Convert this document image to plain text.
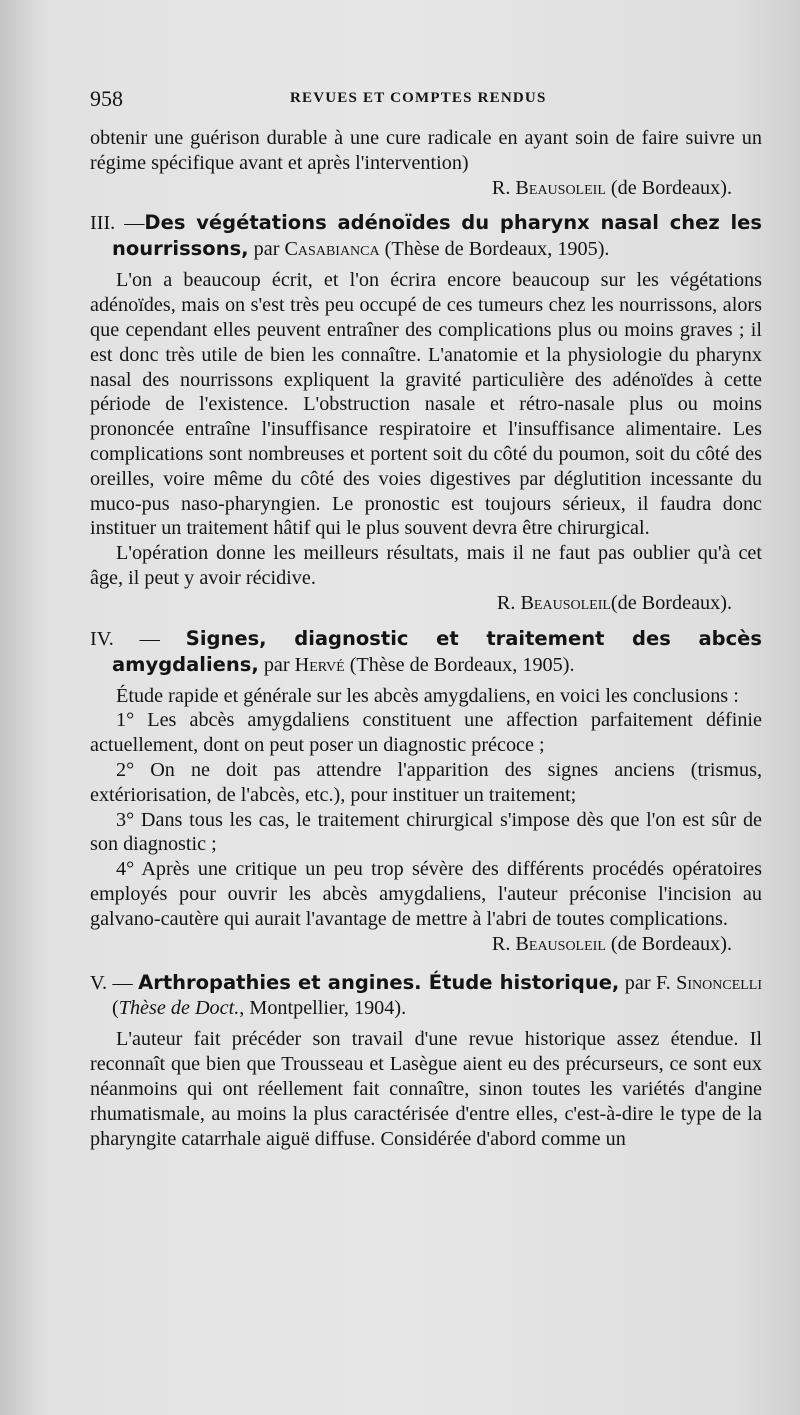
958	REVUES ET COMPTES RENDUS

obtenir une guérison durable à une cure radicale en ayant soin de faire suivre un régime spécifique avant et après l'intervention)

R. Beausoleil (de Bordeaux).

III. —Des végétations adénoïdes du pharynx nasal chez les nourrissons, par Casabianca (Thèse de Bordeaux, 1905).

L'on a beaucoup écrit, et l'on écrira encore beaucoup sur les végétations adénoïdes, mais on s'est très peu occupé de ces tumeurs chez les nourrissons, alors que cependant elles peuvent entraîner des complications plus ou moins graves ; il est donc très utile de bien les connaître. L'anatomie et la physiologie du pharynx nasal des nourrissons expliquent la gravité particulière des adénoïdes à cette période de l'existence. L'obstruction nasale et rétro-nasale plus ou moins prononcée entraîne l'insuffisance respiratoire et l'insuffisance alimentaire. Les complications sont nombreuses et portent soit du côté du poumon, soit du côté des oreilles, voire même du côté des voies digestives par déglutition incessante du muco-pus naso-pharyngien. Le pronostic est toujours sérieux, il faudra donc instituer un traitement hâtif qui le plus souvent devra être chirurgical.

L'opération donne les meilleurs résultats, mais il ne faut pas oublier qu'à cet âge, il peut y avoir récidive.

R. Beausoleil(de Bordeaux).

IV. — Signes, diagnostic et traitement des abcès amygdaliens, par Hervé (Thèse de Bordeaux, 1905).

Étude rapide et générale sur les abcès amygdaliens, en voici les conclusions :

1° Les abcès amygdaliens constituent une affection parfaitement définie actuellement, dont on peut poser un diagnostic précoce ;

2° On ne doit pas attendre l'apparition des signes anciens (trismus, extériorisation, de l'abcès, etc.), pour instituer un traitement;

3° Dans tous les cas, le traitement chirurgical s'impose dès que l'on est sûr de son diagnostic ;

4° Après une critique un peu trop sévère des différents procédés opératoires employés pour ouvrir les abcès amygdaliens, l'auteur préconise l'incision au galvano-cautère qui aurait l'avantage de mettre à l'abri de toutes complications.

R. Beausoleil (de Bordeaux).

V. — Arthropathies et angines. Étude historique, par F. Sinoncelli (Thèse de Doct., Montpellier, 1904).

L'auteur fait précéder son travail d'une revue historique assez étendue. Il reconnaît que bien que Trousseau et Lasègue aient eu des précurseurs, ce sont eux néanmoins qui ont réellement fait connaître, sinon toutes les variétés d'angine rhumatismale, au moins la plus caractérisée d'entre elles, c'est-à-dire le type de la pharyngite catarrhale aiguë diffuse. Considérée d'abord comme un
